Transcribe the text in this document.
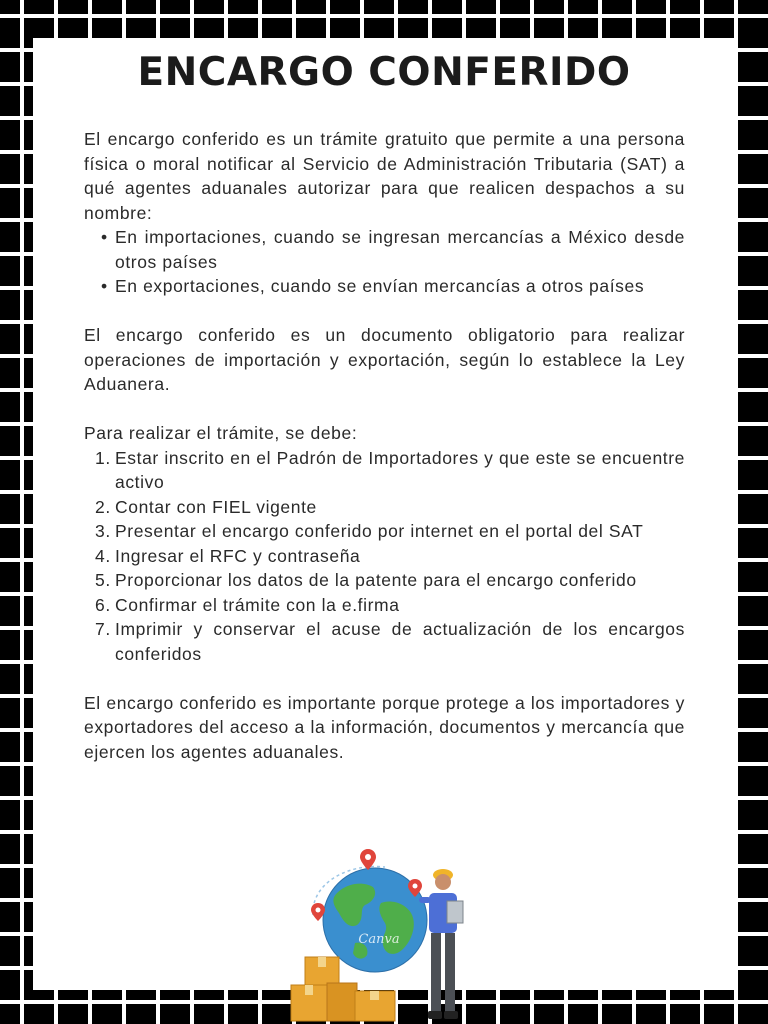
ENCARGO CONFERIDO

El encargo conferido es un trámite gratuito que permite a una persona física o moral notificar al Servicio de Administración Tributaria (SAT) a qué agentes aduanales autorizar para que realicen despachos a su nombre:

• En importaciones, cuando se ingresan mercancías a México desde otros países
• En exportaciones, cuando se envían mercancías a otros países

El encargo conferido es un documento obligatorio para realizar operaciones de importación y exportación, según lo establece la Ley Aduanera.

Para realizar el trámite, se debe:

1. Estar inscrito en el Padrón de Importadores y que este se encuentre activo
2. Contar con FIEL vigente
3. Presentar el encargo conferido por internet en el portal del SAT
4. Ingresar el RFC y contraseña
5. Proporcionar los datos de la patente para el encargo conferido
6. Confirmar el trámite con la e.firma
7. Imprimir y conservar el acuse de actualización de los encargos conferidos

El encargo conferido es importante porque protege a los importadores y exportadores del acceso a la información, documentos y mercancía que ejercen los agentes aduanales.

Canva
